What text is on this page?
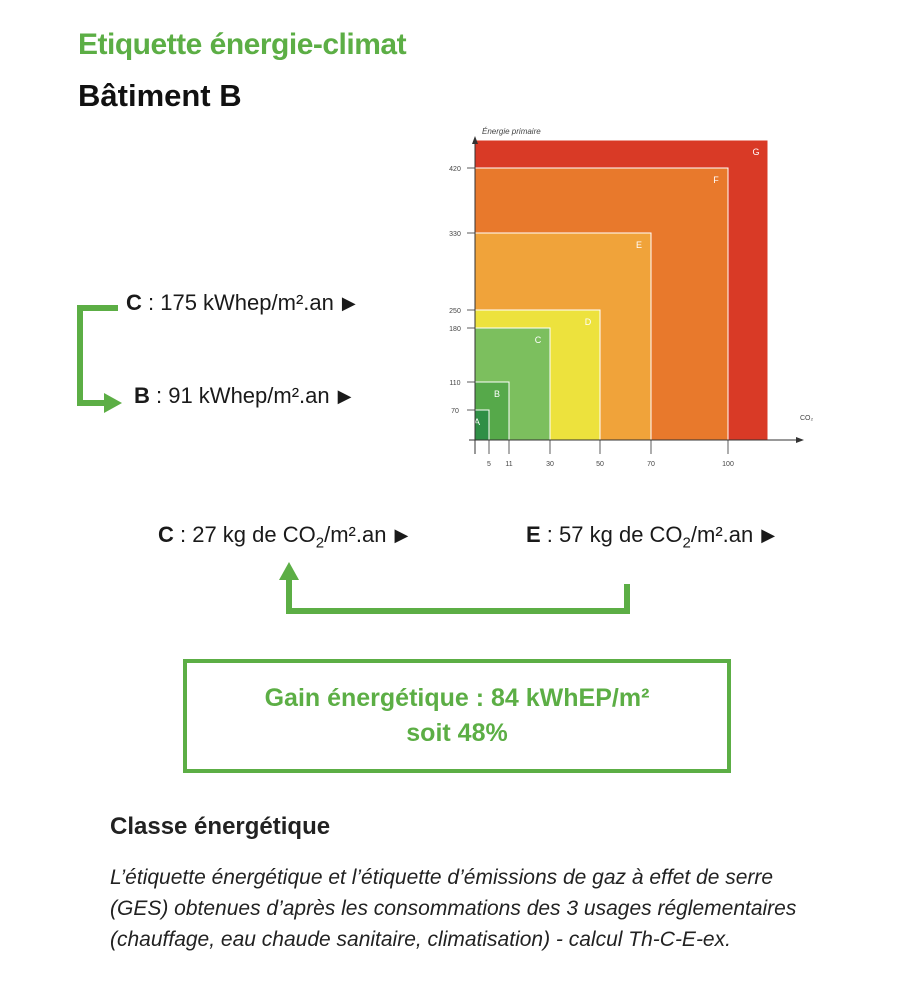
Etiquette énergie-climat
Bâtiment B
G
F
E
D
C
B
A
Énergie primaire
CO₂
70
110
180
250
330
420
5 11	30	50	70	100
C : 175 kWhep/m².an ▶
B : 91 kWhep/m².an ▶
C : 27 kg de $CO_2/m^2.an$ ▶	E : 57 kg de $CO_2/m^2.an$ ▶
Gain énergétique : 84 kWhEP/m²
soit 48%
Classe énergétique
L’étiquette énergétique et l’étiquette d’émissions de gaz à effet de serre (GES) obtenues d’après les consommations des 3 usages réglementaires (chauffage, eau chaude sanitaire, climatisation) - calcul Th-C-E-ex.
